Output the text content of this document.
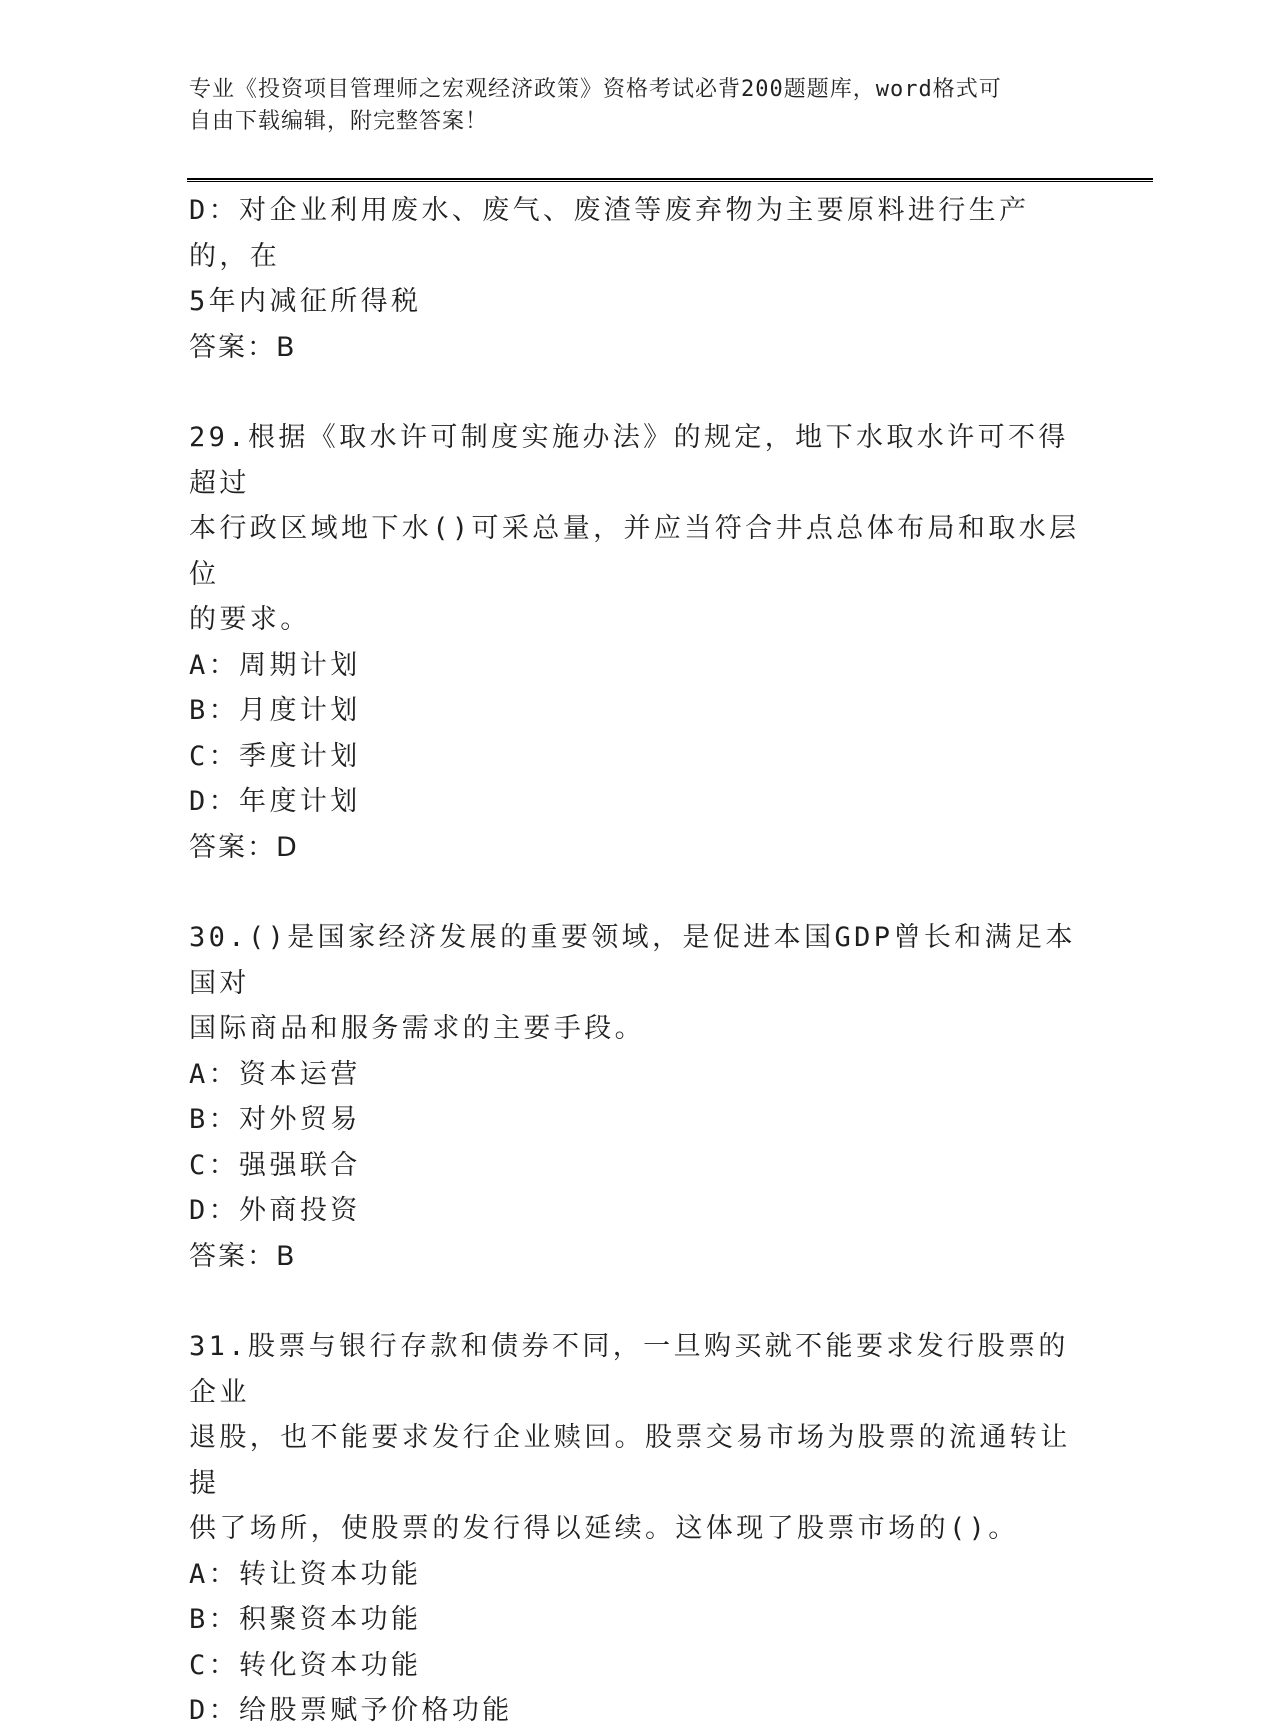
专业《投资项目管理师之宏观经济政策》资格考试必背200题题库，word格式可
自由下载编辑，附完整答案！

D：对企业利用废水、废气、废渣等废弃物为主要原料进行生产的，在

5年内减征所得税

答案：B

29.根据《取水许可制度实施办法》的规定，地下水取水许可不得超过

本行政区域地下水()可采总量，并应当符合井点总体布局和取水层位

的要求。

A：周期计划

B：月度计划

C：季度计划

D：年度计划

答案：D

30.()是国家经济发展的重要领域，是促进本国GDP曾长和满足本国对

国际商品和服务需求的主要手段。

A：资本运营

B：对外贸易

C：强强联合

D：外商投资

答案：B

31.股票与银行存款和债券不同，一旦购买就不能要求发行股票的企业

退股，也不能要求发行企业赎回。股票交易市场为股票的流通转让提

供了场所，使股票的发行得以延续。这体现了股票市场的()。

A：转让资本功能

B：积聚资本功能

C：转化资本功能

D：给股票赋予价格功能
